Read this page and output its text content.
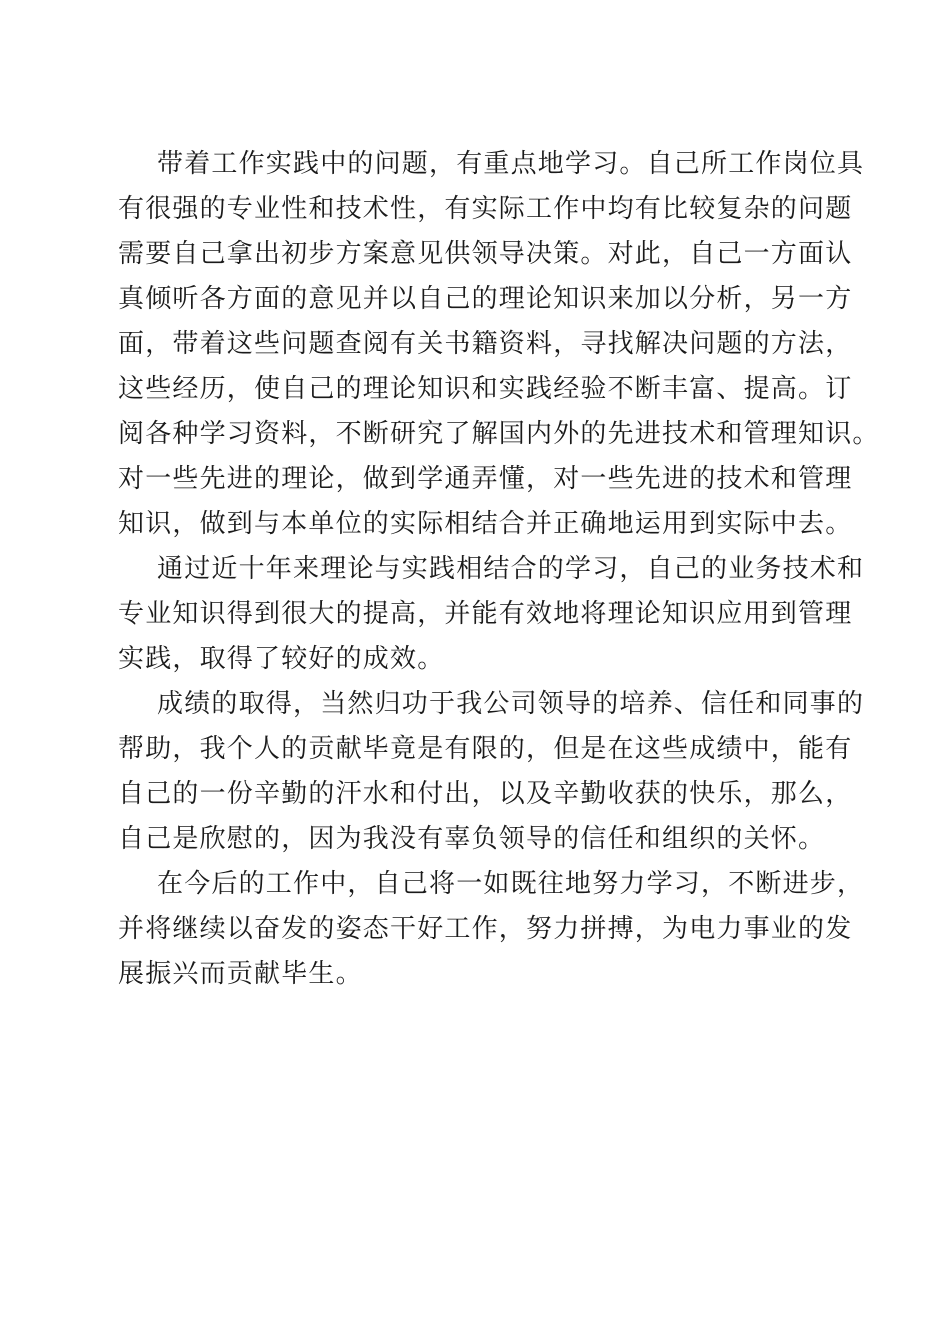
带着工作实践中的问题，有重点地学习。自己所工作岗位具
有很强的专业性和技术性，有实际工作中均有比较复杂的问题
需要自己拿出初步方案意见供领导决策。对此，自己一方面认
真倾听各方面的意见并以自己的理论知识来加以分析，另一方
面，带着这些问题查阅有关书籍资料，寻找解决问题的方法，
这些经历，使自己的理论知识和实践经验不断丰富、提高。订
阅各种学习资料，不断研究了解国内外的先进技术和管理知识。
对一些先进的理论，做到学通弄懂，对一些先进的技术和管理
知识，做到与本单位的实际相结合并正确地运用到实际中去。
通过近十年来理论与实践相结合的学习，自己的业务技术和
专业知识得到很大的提高，并能有效地将理论知识应用到管理
实践，取得了较好的成效。
成绩的取得，当然归功于我公司领导的培养、信任和同事的
帮助，我个人的贡献毕竟是有限的，但是在这些成绩中，能有
自己的一份辛勤的汗水和付出，以及辛勤收获的快乐，那么，
自己是欣慰的，因为我没有辜负领导的信任和组织的关怀。
在今后的工作中，自己将一如既往地努力学习，不断进步，
并将继续以奋发的姿态干好工作，努力拼搏，为电力事业的发
展振兴而贡献毕生。
